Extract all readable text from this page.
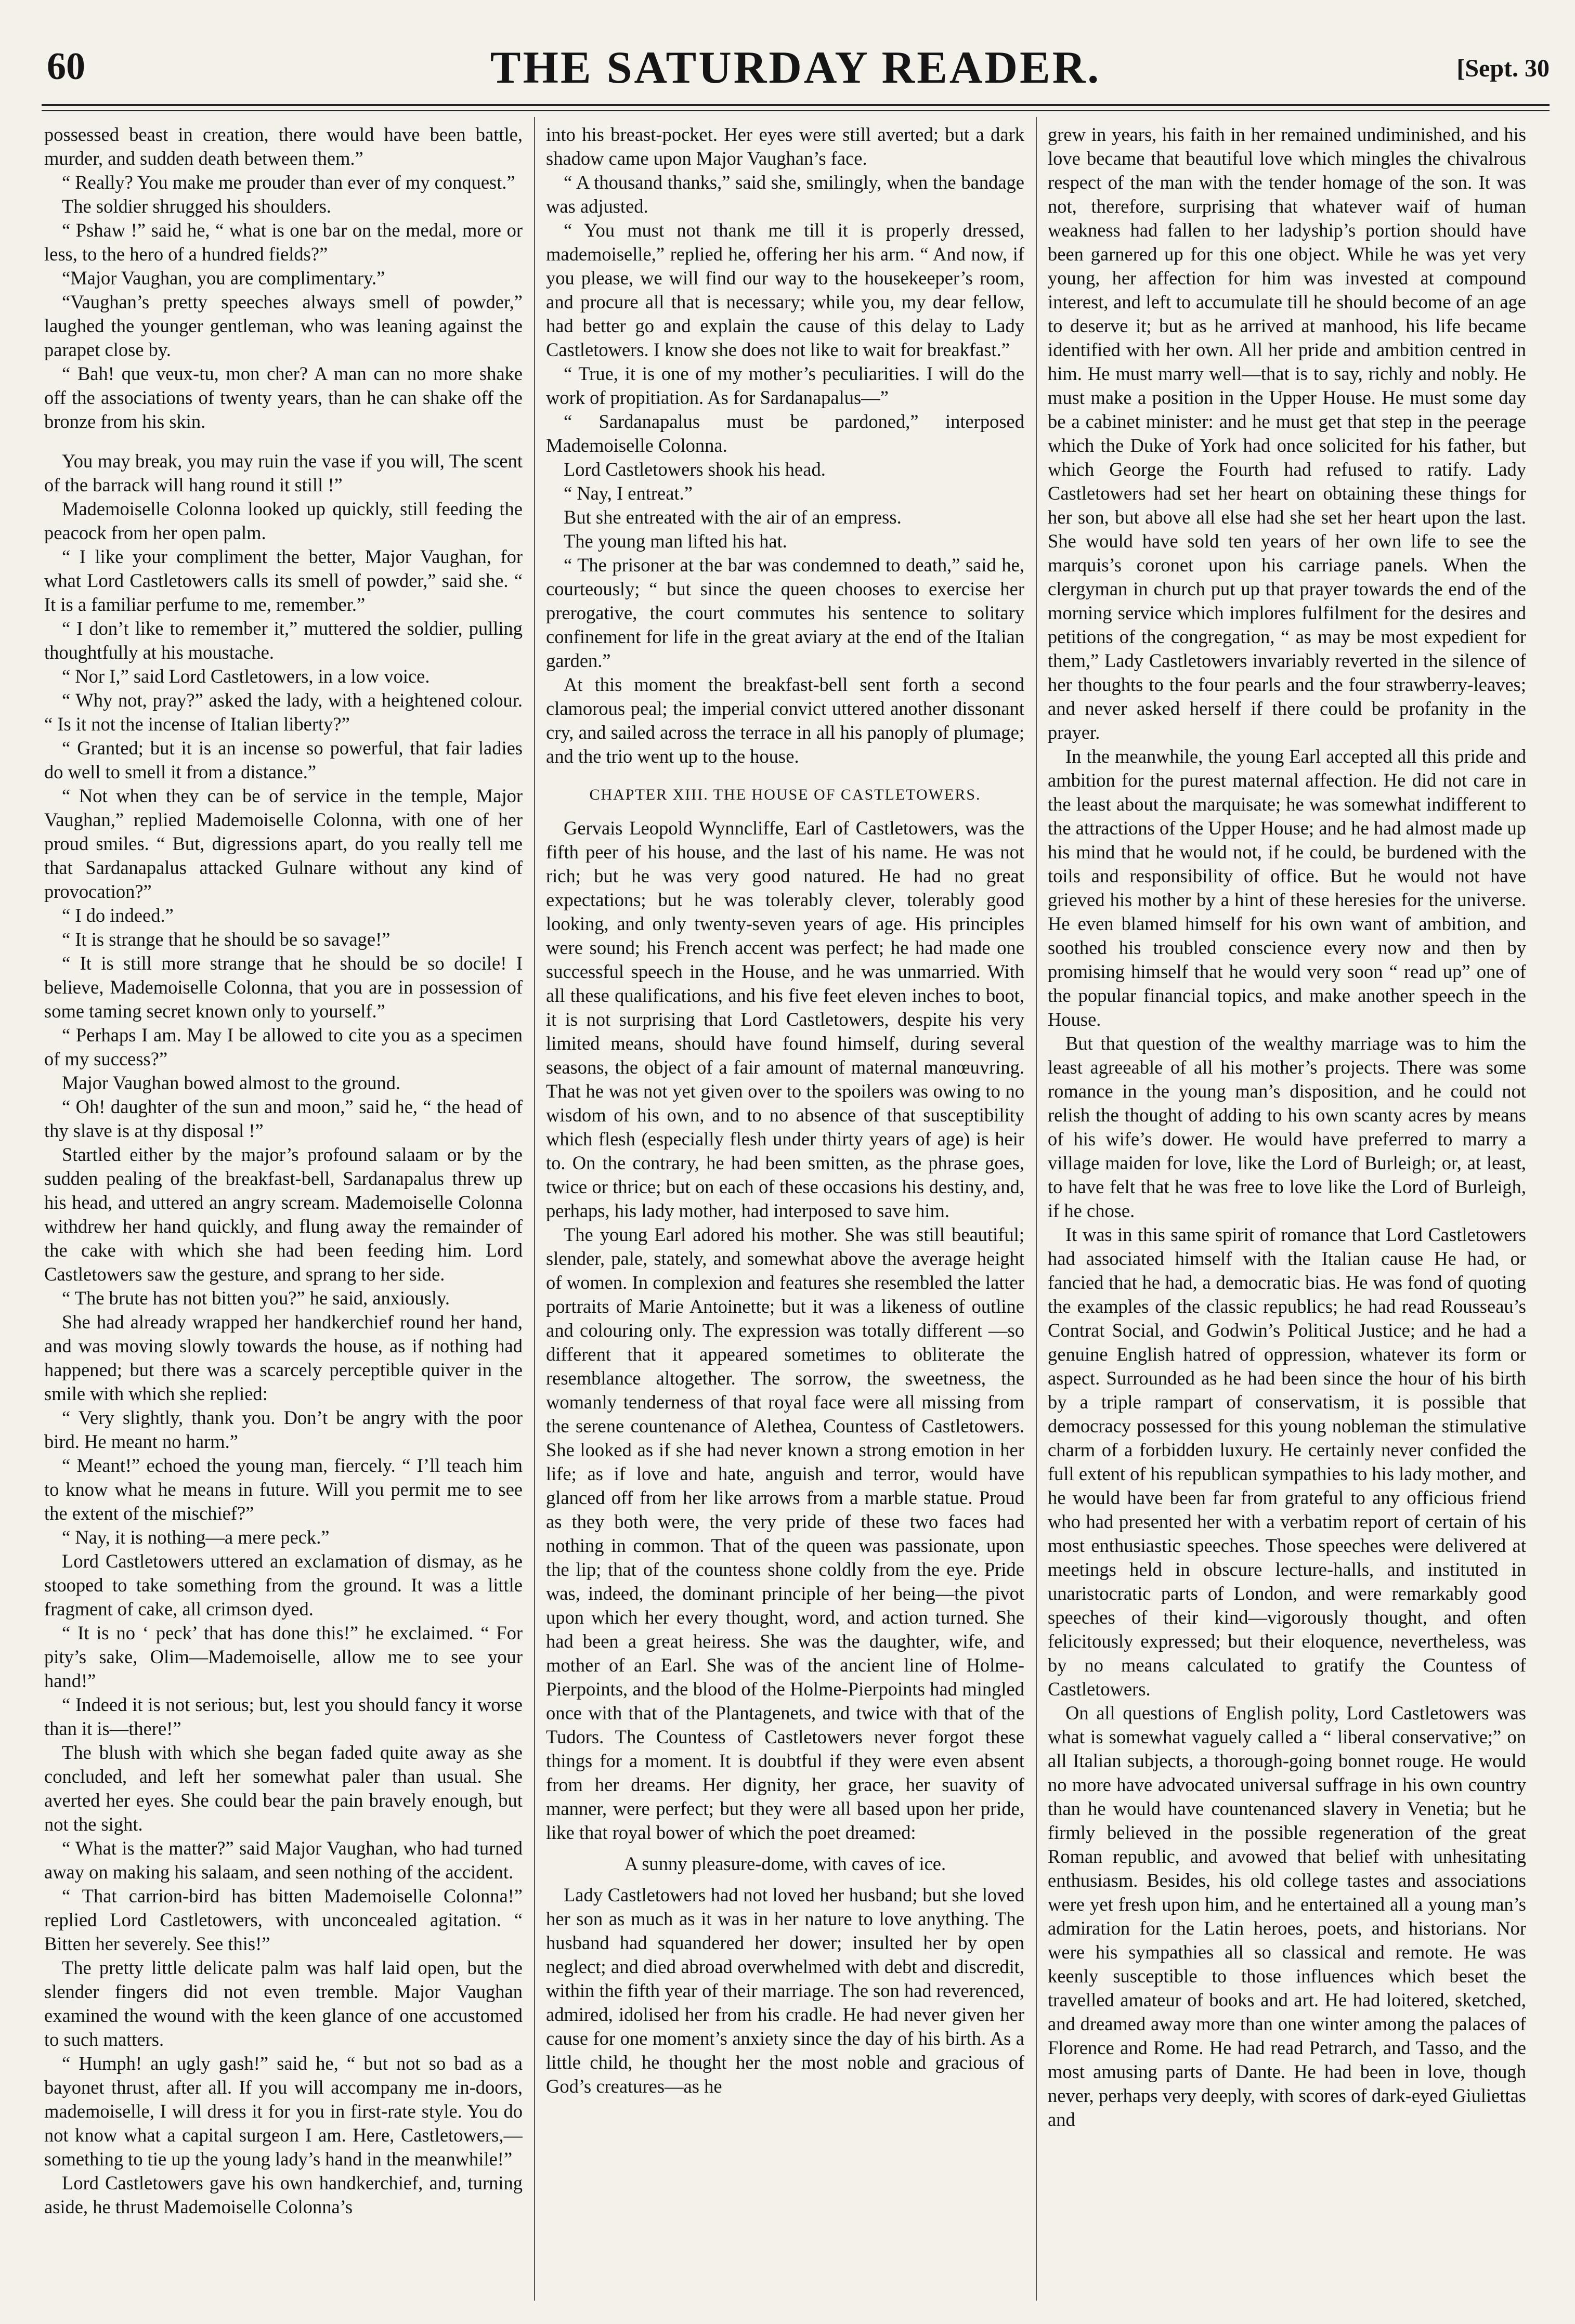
60	THE SATURDAY READER.	[Sept. 30

possessed beast in creation, there would have been battle, murder, and sudden death between them.”

“ Really? You make me prouder than ever of my conquest.”

The soldier shrugged his shoulders.

“ Pshaw !” said he, “ what is one bar on the medal, more or less, to the hero of a hundred fields?”

“Major Vaughan, you are complimentary.”

“Vaughan’s pretty speeches always smell of powder,” laughed the younger gentleman, who was leaning against the parapet close by.

“ Bah! que veux-tu, mon cher? A man can no more shake off the associations of twenty years, than he can shake off the bronze from his skin.

You may break, you may ruin the vase if you will, The scent of the barrack will hang round it still !”

Mademoiselle Colonna looked up quickly, still feeding the peacock from her open palm.

“ I like your compliment the better, Major Vaughan, for what Lord Castletowers calls its smell of powder,” said she. “ It is a familiar perfume to me, remember.”

“ I don’t like to remember it,” muttered the soldier, pulling thoughtfully at his moustache.

“ Nor I,” said Lord Castletowers, in a low voice.

“ Why not, pray?” asked the lady, with a heightened colour. “ Is it not the incense of Italian liberty?”

“ Granted; but it is an incense so powerful, that fair ladies do well to smell it from a distance.”

“ Not when they can be of service in the temple, Major Vaughan,” replied Mademoiselle Colonna, with one of her proud smiles. “ But, digressions apart, do you really tell me that Sardanapalus attacked Gulnare without any kind of provocation?”

“ I do indeed.”

“ It is strange that he should be so savage!”

“ It is still more strange that he should be so docile! I believe, Mademoiselle Colonna, that you are in possession of some taming secret known only to yourself.”

“ Perhaps I am. May I be allowed to cite you as a specimen of my success?”

Major Vaughan bowed almost to the ground.

“ Oh! daughter of the sun and moon,” said he, “ the head of thy slave is at thy disposal !”

Startled either by the major’s profound salaam or by the sudden pealing of the breakfast-bell, Sardanapalus threw up his head, and uttered an angry scream. Mademoiselle Colonna withdrew her hand quickly, and flung away the remainder of the cake with which she had been feeding him. Lord Castletowers saw the gesture, and sprang to her side.

“ The brute has not bitten you?” he said, anxiously.

She had already wrapped her handkerchief round her hand, and was moving slowly towards the house, as if nothing had happened; but there was a scarcely perceptible quiver in the smile with which she replied:

“ Very slightly, thank you. Don’t be angry with the poor bird. He meant no harm.”

“ Meant!” echoed the young man, fiercely. “ I’ll teach him to know what he means in future. Will you permit me to see the extent of the mischief?”

“ Nay, it is nothing—a mere peck.”

Lord Castletowers uttered an exclamation of dismay, as he stooped to take something from the ground. It was a little fragment of cake, all crimson dyed.

“ It is no ‘ peck’ that has done this!” he exclaimed. “ For pity’s sake, Olim—Mademoiselle, allow me to see your hand!”

“ Indeed it is not serious; but, lest you should fancy it worse than it is—there!”

The blush with which she began faded quite away as she concluded, and left her somewhat paler than usual. She averted her eyes. She could bear the pain bravely enough, but not the sight.

“ What is the matter?” said Major Vaughan, who had turned away on making his salaam, and seen nothing of the accident.

“ That carrion-bird has bitten Mademoiselle Colonna!” replied Lord Castletowers, with unconcealed agitation. “ Bitten her severely. See this!”

The pretty little delicate palm was half laid open, but the slender fingers did not even tremble. Major Vaughan examined the wound with the keen glance of one accustomed to such matters.

“ Humph! an ugly gash!” said he, “ but not so bad as a bayonet thrust, after all. If you will accompany me in-doors, mademoiselle, I will dress it for you in first-rate style. You do not know what a capital surgeon I am. Here, Castletowers,—something to tie up the young lady’s hand in the meanwhile!”

Lord Castletowers gave his own handkerchief, and, turning aside, he thrust Mademoiselle Colonna’s

into his breast-pocket. Her eyes were still averted; but a dark shadow came upon Major Vaughan’s face.

“ A thousand thanks,” said she, smilingly, when the bandage was adjusted.

“ You must not thank me till it is properly dressed, mademoiselle,” replied he, offering her his arm. “ And now, if you please, we will find our way to the housekeeper’s room, and procure all that is necessary; while you, my dear fellow, had better go and explain the cause of this delay to Lady Castletowers. I know she does not like to wait for breakfast.”

“ True, it is one of my mother’s peculiarities. I will do the work of propitiation. As for Sardanapalus—”

“ Sardanapalus must be pardoned,” interposed Mademoiselle Colonna.

Lord Castletowers shook his head.

“ Nay, I entreat.”

But she entreated with the air of an empress.

The young man lifted his hat.

“ The prisoner at the bar was condemned to death,” said he, courteously; “ but since the queen chooses to exercise her prerogative, the court commutes his sentence to solitary confinement for life in the great aviary at the end of the Italian garden.”

At this moment the breakfast-bell sent forth a second clamorous peal; the imperial convict uttered another dissonant cry, and sailed across the terrace in all his panoply of plumage; and the trio went up to the house.

CHAPTER XIII. THE HOUSE OF CASTLETOWERS.

Gervais Leopold Wynncliffe, Earl of Castletowers, was the fifth peer of his house, and the last of his name. He was not rich; but he was very good natured. He had no great expectations; but he was tolerably clever, tolerably good looking, and only twenty-seven years of age. His principles were sound; his French accent was perfect; he had made one successful speech in the House, and he was unmarried. With all these qualifications, and his five feet eleven inches to boot, it is not surprising that Lord Castletowers, despite his very limited means, should have found himself, during several seasons, the object of a fair amount of maternal manœuvring. That he was not yet given over to the spoilers was owing to no wisdom of his own, and to no absence of that susceptibility which flesh (especially flesh under thirty years of age) is heir to. On the contrary, he had been smitten, as the phrase goes, twice or thrice; but on each of these occasions his destiny, and, perhaps, his lady mother, had interposed to save him.

The young Earl adored his mother. She was still beautiful; slender, pale, stately, and somewhat above the average height of women. In complexion and features she resembled the latter portraits of Marie Antoinette; but it was a likeness of outline and colouring only. The expression was totally different —so different that it appeared sometimes to obliterate the resemblance altogether. The sorrow, the sweetness, the womanly tenderness of that royal face were all missing from the serene countenance of Alethea, Countess of Castletowers. She looked as if she had never known a strong emotion in her life; as if love and hate, anguish and terror, would have glanced off from her like arrows from a marble statue. Proud as they both were, the very pride of these two faces had nothing in common. That of the queen was passionate, upon the lip; that of the countess shone coldly from the eye. Pride was, indeed, the dominant principle of her being—the pivot upon which her every thought, word, and action turned. She had been a great heiress. She was the daughter, wife, and mother of an Earl. She was of the ancient line of Holme-Pierpoints, and the blood of the Holme-Pierpoints had mingled once with that of the Plantagenets, and twice with that of the Tudors. The Countess of Castletowers never forgot these things for a moment. It is doubtful if they were even absent from her dreams. Her dignity, her grace, her suavity of manner, were perfect; but they were all based upon her pride, like that royal bower of which the poet dreamed:

A sunny pleasure-dome, with caves of ice.

Lady Castletowers had not loved her husband; but she loved her son as much as it was in her nature to love anything. The husband had squandered her dower; insulted her by open neglect; and died abroad overwhelmed with debt and discredit, within the fifth year of their marriage. The son had reverenced, admired, idolised her from his cradle. He had never given her cause for one moment’s anxiety since the day of his birth. As a little child, he thought her the most noble and gracious of God’s creatures—as he

grew in years, his faith in her remained undiminished, and his love became that beautiful love which mingles the chivalrous respect of the man with the tender homage of the son. It was not, therefore, surprising that whatever waif of human weakness had fallen to her ladyship’s portion should have been garnered up for this one object. While he was yet very young, her affection for him was invested at compound interest, and left to accumulate till he should become of an age to deserve it; but as he arrived at manhood, his life became identified with her own. All her pride and ambition centred in him. He must marry well—that is to say, richly and nobly. He must make a position in the Upper House. He must some day be a cabinet minister: and he must get that step in the peerage which the Duke of York had once solicited for his father, but which George the Fourth had refused to ratify. Lady Castletowers had set her heart on obtaining these things for her son, but above all else had she set her heart upon the last. She would have sold ten years of her own life to see the marquis’s coronet upon his carriage panels. When the clergyman in church put up that prayer towards the end of the morning service which implores fulfilment for the desires and petitions of the congregation, “ as may be most expedient for them,” Lady Castletowers invariably reverted in the silence of her thoughts to the four pearls and the four strawberry-leaves; and never asked herself if there could be profanity in the prayer.

In the meanwhile, the young Earl accepted all this pride and ambition for the purest maternal affection. He did not care in the least about the marquisate; he was somewhat indifferent to the attractions of the Upper House; and he had almost made up his mind that he would not, if he could, be burdened with the toils and responsibility of office. But he would not have grieved his mother by a hint of these heresies for the universe. He even blamed himself for his own want of ambition, and soothed his troubled conscience every now and then by promising himself that he would very soon “ read up” one of the popular financial topics, and make another speech in the House.

But that question of the wealthy marriage was to him the least agreeable of all his mother’s projects. There was some romance in the young man’s disposition, and he could not relish the thought of adding to his own scanty acres by means of his wife’s dower. He would have preferred to marry a village maiden for love, like the Lord of Burleigh; or, at least, to have felt that he was free to love like the Lord of Burleigh, if he chose.

It was in this same spirit of romance that Lord Castletowers had associated himself with the Italian cause He had, or fancied that he had, a democratic bias. He was fond of quoting the examples of the classic republics; he had read Rousseau’s Contrat Social, and Godwin’s Political Justice; and he had a genuine English hatred of oppression, whatever its form or aspect. Surrounded as he had been since the hour of his birth by a triple rampart of conservatism, it is possible that democracy possessed for this young nobleman the stimulative charm of a forbidden luxury. He certainly never confided the full extent of his republican sympathies to his lady mother, and he would have been far from grateful to any officious friend who had presented her with a verbatim report of certain of his most enthusiastic speeches. Those speeches were delivered at meetings held in obscure lecture-halls, and instituted in unaristocratic parts of London, and were remarkably good speeches of their kind—vigorously thought, and often felicitously expressed; but their eloquence, nevertheless, was by no means calculated to gratify the Countess of Castletowers.

On all questions of English polity, Lord Castletowers was what is somewhat vaguely called a “ liberal conservative;” on all Italian subjects, a thorough-going bonnet rouge. He would no more have advocated universal suffrage in his own country than he would have countenanced slavery in Venetia; but he firmly believed in the possible regeneration of the great Roman republic, and avowed that belief with unhesitating enthusiasm. Besides, his old college tastes and associations were yet fresh upon him, and he entertained all a young man’s admiration for the Latin heroes, poets, and historians. Nor were his sympathies all so classical and remote. He was keenly susceptible to those influences which beset the travelled amateur of books and art. He had loitered, sketched, and dreamed away more than one winter among the palaces of Florence and Rome. He had read Petrarch, and Tasso, and the most amusing parts of Dante. He had been in love, though never, perhaps very deeply, with scores of dark-eyed Giuliettas and
